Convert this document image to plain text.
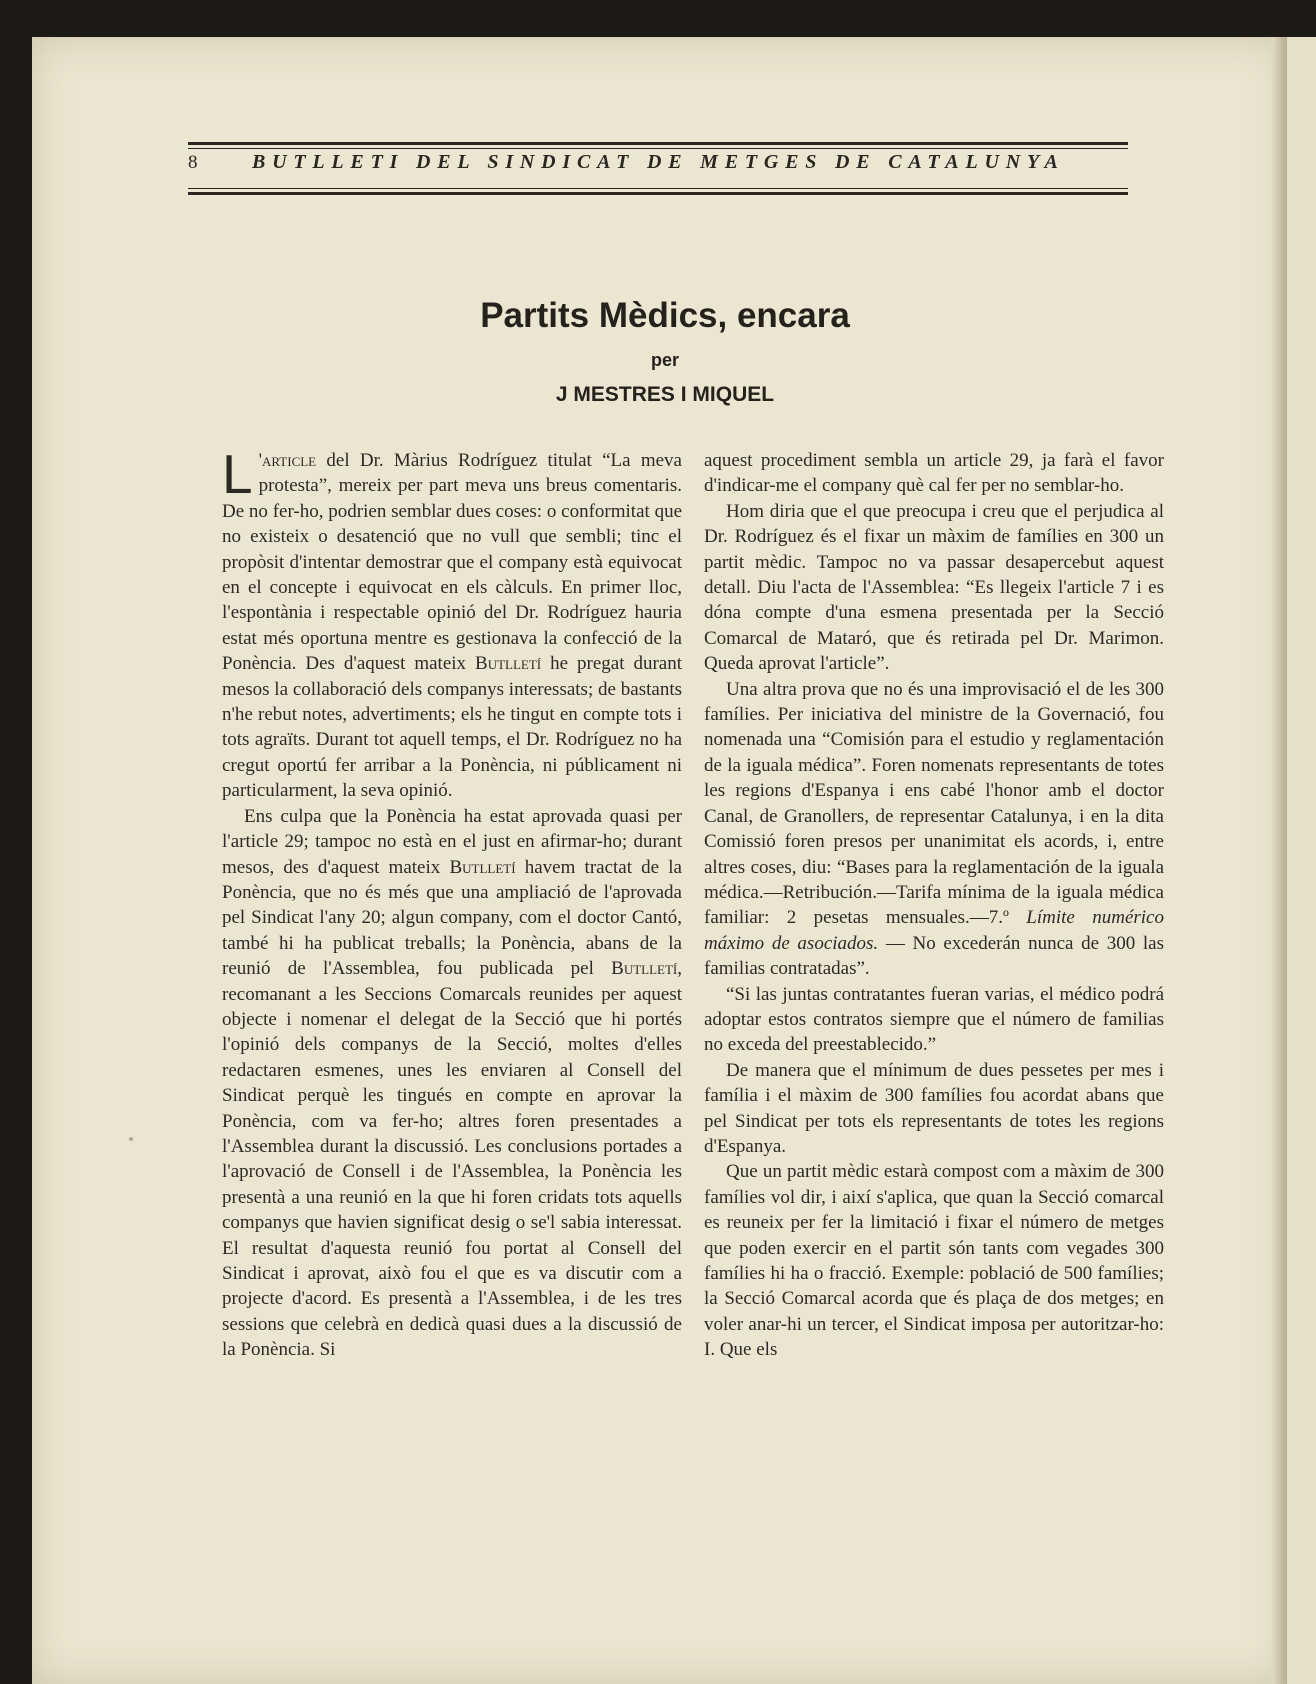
8	BUTLLETI DEL SINDICAT DE METGES DE CATALUNYA
Partits Mèdics, encara
per
J MESTRES I MIQUEL

L 'article del Dr. Màrius Rodríguez titulat “La meva protesta”, mereix per part meva uns breus comentaris. De no fer-ho, podrien semblar dues coses: o conformitat que no existeix o desatenció que no vull que sembli; tinc el propòsit d'intentar demostrar que el company està equivocat en el concepte i equivocat en els càlculs. En primer lloc, l'espontània i respectable opinió del Dr. Rodríguez hauria estat més oportuna mentre es gestionava la confecció de la Ponència. Des d'aquest mateix Butlletí he pregat durant mesos la collaboració dels companys interessats; de bastants n'he rebut notes, advertiments; els he tingut en compte tots i tots agraïts. Durant tot aquell temps, el Dr. Rodríguez no ha cregut oportú fer arribar a la Ponència, ni públicament ni particularment, la seva opinió.

Ens culpa que la Ponència ha estat aprovada quasi per l'article 29; tampoc no està en el just en afirmar-ho; durant mesos, des d'aquest mateix Butlletí havem tractat de la Ponència, que no és més que una ampliació de l'aprovada pel Sindicat l'any 20; algun company, com el doctor Cantó, també hi ha publicat treballs; la Ponència, abans de la reunió de l'Assemblea, fou publicada pel Butlletí, recomanant a les Seccions Comarcals reunides per aquest objecte i nomenar el delegat de la Secció que hi portés l'opinió dels companys de la Secció, moltes d'elles redactaren esmenes, unes les enviaren al Consell del Sindicat perquè les tingués en compte en aprovar la Ponència, com va fer-ho; altres foren presentades a l'Assemblea durant la discussió. Les conclusions portades a l'aprovació de Consell i de l'Assemblea, la Ponència les presentà a una reunió en la que hi foren cridats tots aquells companys que havien significat desig o se'l sabia interessat. El resultat d'aquesta reunió fou portat al Consell del Sindicat i aprovat, això fou el que es va discutir com a projecte d'acord. Es presentà a l'Assemblea, i de les tres sessions que celebrà en dedicà quasi dues a la discussió de la Ponència. Si

aquest procediment sembla un article 29, ja farà el favor d'indicar-me el company què cal fer per no semblar-ho.

Hom diria que el que preocupa i creu que el perjudica al Dr. Rodríguez és el fixar un màxim de famílies en 300 un partit mèdic. Tampoc no va passar desapercebut aquest detall. Diu l'acta de l'Assemblea: “Es llegeix l'article 7 i es dóna compte d'una esmena presentada per la Secció Comarcal de Mataró, que és retirada pel Dr. Marimon. Queda aprovat l'article”.

Una altra prova que no és una improvisació el de les 300 famílies. Per iniciativa del ministre de la Governació, fou nomenada una “Comisión para el estudio y reglamentación de la iguala médica”. Foren nomenats representants de totes les regions d'Espanya i ens cabé l'honor amb el doctor Canal, de Granollers, de representar Catalunya, i en la dita Comissió foren presos per unanimitat els acords, i, entre altres coses, diu: “Bases para la reglamentación de la iguala médica.—Retribución.—Tarifa mínima de la iguala médica familiar: 2 pesetas mensuales.—7.º Límite numérico máximo de asociados. — No excederán nunca de 300 las familias contratadas”.

“Si las juntas contratantes fueran varias, el médico podrá adoptar estos contratos siempre que el número de familias no exceda del preestablecido.”

De manera que el mínimum de dues pessetes per mes i família i el màxim de 300 famílies fou acordat abans que pel Sindicat per tots els representants de totes les regions d'Espanya.

Que un partit mèdic estarà compost com a màxim de 300 famílies vol dir, i així s'aplica, que quan la Secció comarcal es reuneix per fer la limitació i fixar el número de metges que poden exercir en el partit són tants com vegades 300 famílies hi ha o fracció. Exemple: població de 500 famílies; la Secció Comarcal acorda que és plaça de dos metges; en voler anar-hi un tercer, el Sindicat imposa per autoritzar-ho: I. Que els
